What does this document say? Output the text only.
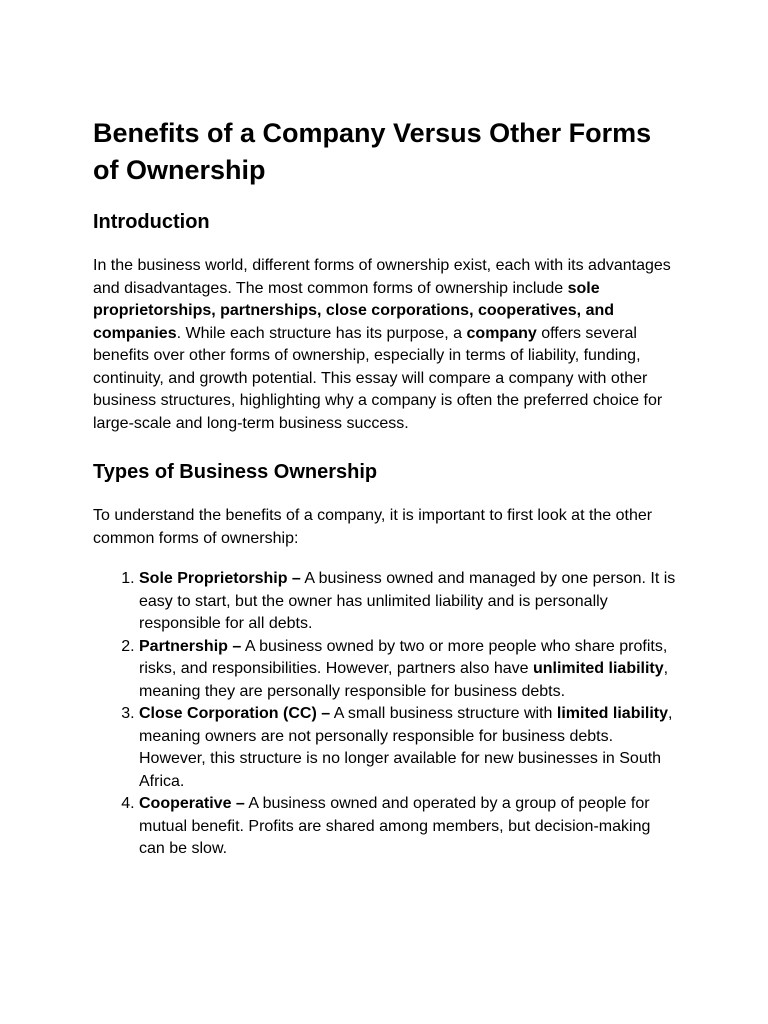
Benefits of a Company Versus Other Forms of Ownership
Introduction

In the business world, different forms of ownership exist, each with its advantages and disadvantages. The most common forms of ownership include sole proprietorships, partnerships, close corporations, cooperatives, and companies. While each structure has its purpose, a company offers several benefits over other forms of ownership, especially in terms of liability, funding, continuity, and growth potential. This essay will compare a company with other business structures, highlighting why a company is often the preferred choice for large-scale and long-term business success.

Types of Business Ownership

To understand the benefits of a company, it is important to first look at the other common forms of ownership:

1. Sole Proprietorship – A business owned and managed by one person. It is easy to start, but the owner has unlimited liability and is personally responsible for all debts.
2. Partnership – A business owned by two or more people who share profits, risks, and responsibilities. However, partners also have unlimited liability, meaning they are personally responsible for business debts.
3. Close Corporation (CC) – A small business structure with limited liability, meaning owners are not personally responsible for business debts. However, this structure is no longer available for new businesses in South Africa.
4. Cooperative – A business owned and operated by a group of people for mutual benefit. Profits are shared among members, but decision-making can be slow.
